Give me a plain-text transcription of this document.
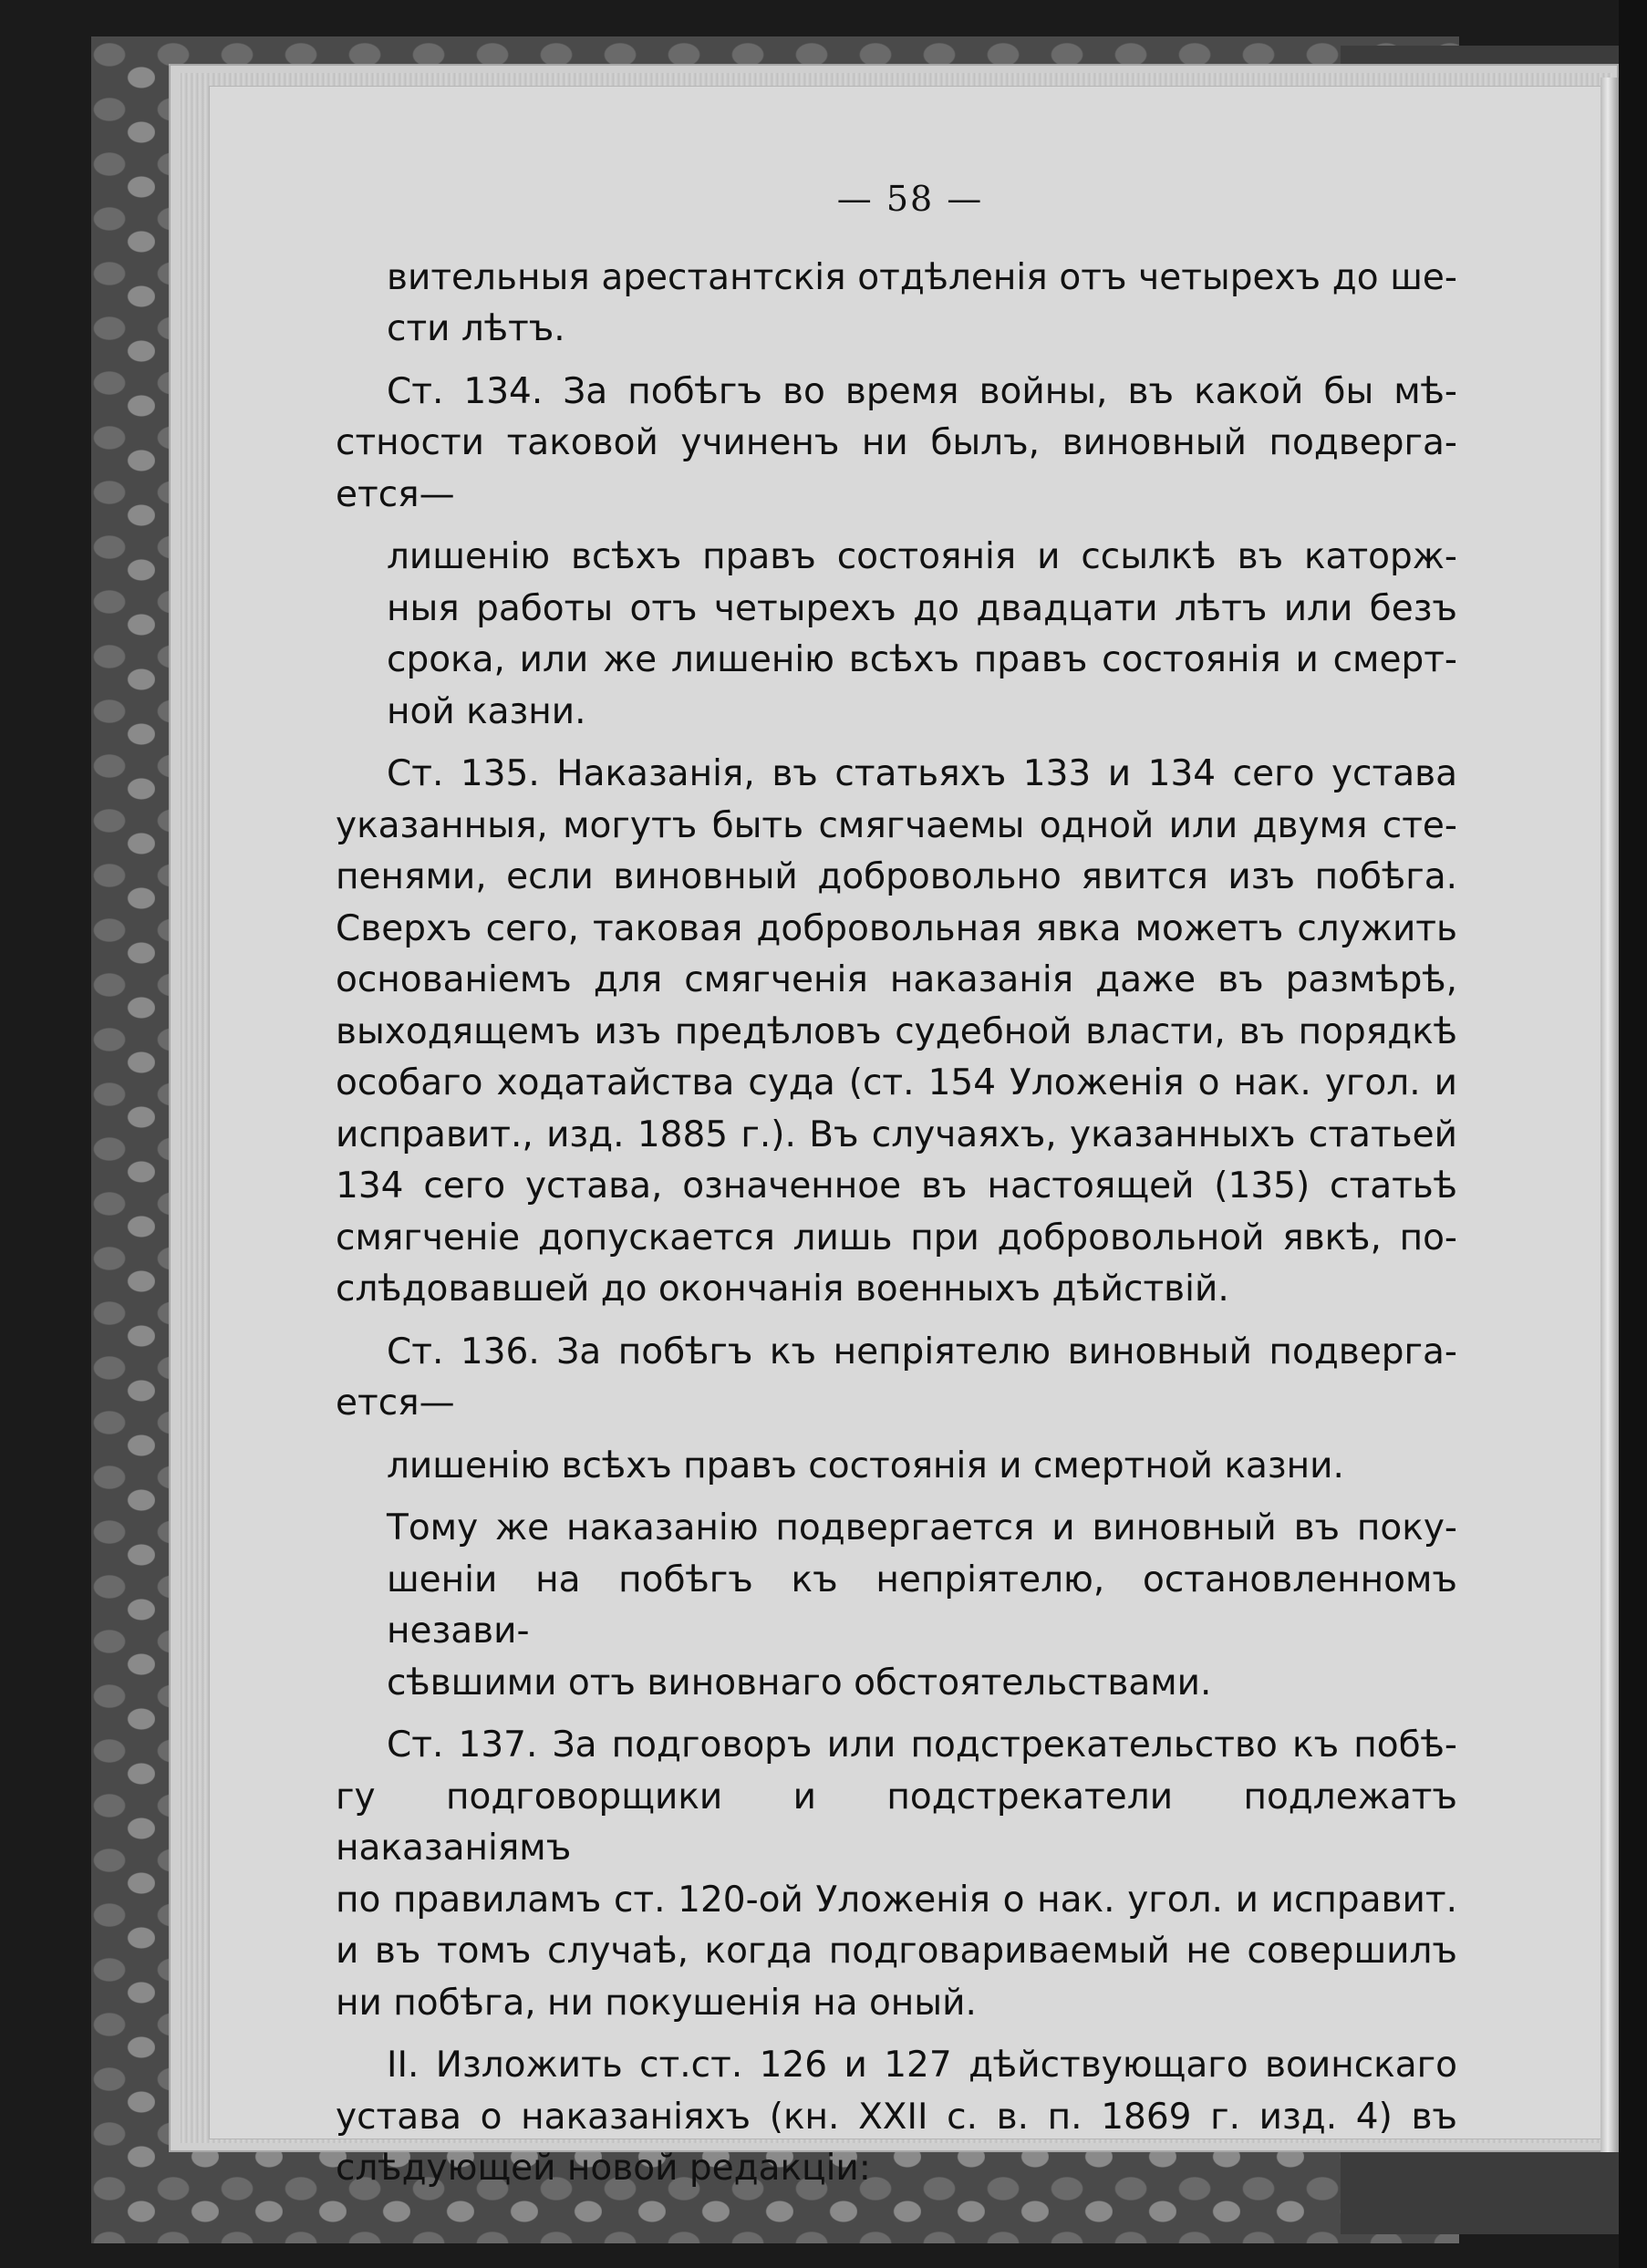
— 58 —
вительныя арестантскія отдѣленія отъ четырехъ до ше-
сти лѣтъ.
Ст. 134. За побѣгъ во время войны, въ какой бы мѣ-
стности таковой учиненъ ни былъ, виновный подверга-
ется—
лишенію всѣхъ правъ состоянія и ссылкѣ въ каторж-
ныя работы отъ четырехъ до двадцати лѣтъ или безъ
срока, или же лишенію всѣхъ правъ состоянія и смерт-
ной казни.
Ст. 135. Наказанія, въ статьяхъ 133 и 134 сего устава
указанныя, могутъ быть смягчаемы одной или двумя сте-
пенями, если виновный добровольно явится изъ побѣга.
Сверхъ сего, таковая добровольная явка можетъ служить
основаніемъ для смягченія наказанія даже въ размѣрѣ,
выходящемъ изъ предѣловъ судебной власти, въ порядкѣ
особаго ходатайства суда (ст. 154 Уложенія о нак. угол. и
исправит., изд. 1885 г.). Въ случаяхъ, указанныхъ статьей
134 сего устава, означенное въ настоящей (135) статьѣ
смягченіе допускается лишь при добровольной явкѣ, по-
слѣдовавшей до окончанія военныхъ дѣйствій.
Ст. 136. За побѣгъ къ непріятелю виновный подверга-
ется—
лишенію всѣхъ правъ состоянія и смертной казни.
Тому же наказанію подвергается и виновный въ поку-
шеніи на побѣгъ къ непріятелю, остановленномъ незави-
сѣвшими отъ виновнаго обстоятельствами.
Ст. 137. За подговоръ или подстрекательство къ побѣ-
гу подговорщики и подстрекатели подлежатъ наказаніямъ
по правиламъ ст. 120-ой Уложенія о нак. угол. и исправит.
и въ томъ случаѣ, когда подговариваемый не совершилъ
ни побѣга, ни покушенія на оный.
II. Изложить ст.ст. 126 и 127 дѣйствующаго воинскаго
устава о наказаніяхъ (кн. XXII с. в. п. 1869 г. изд. 4) въ
слѣдующей новой редакціи:
